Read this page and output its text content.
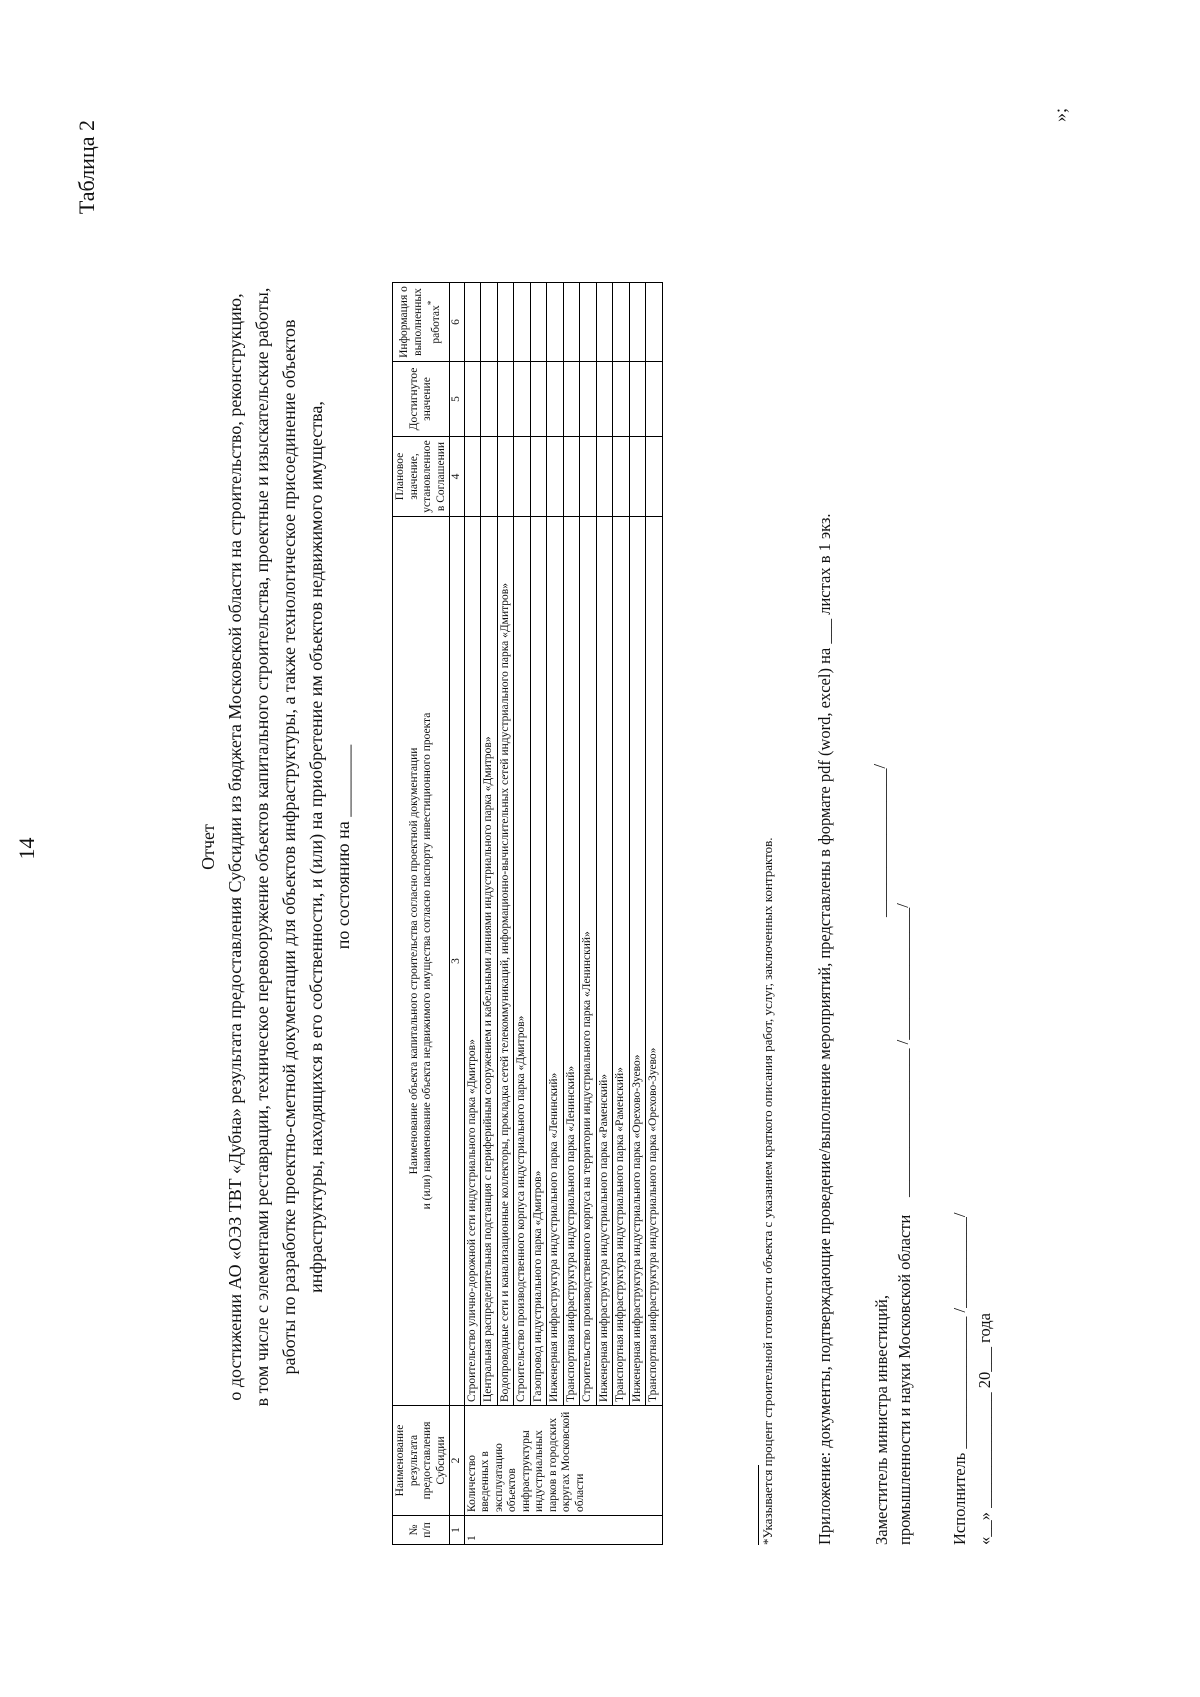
14
Таблица 2
Отчет о достижении АО «ОЭЗ ТВТ «Дубна» результата предоставления Субсидии из бюджета Московской области на строительство, реконструкцию, в том числе с элементами реставрации, техническое перевооружение объектов капитального строительства, проектные и изыскательские работы, работы по разработке проектно-сметной документации для объектов инфраструктуры, а также технологическое присоединение объектов инфраструктуры, находящихся в его собственности, и (или) на приобретение им объектов недвижимого имущества, по состоянию на ________
№ п/п	Наименование результата предоставления Субсидии	Наименование объекта капитального строительства согласно проектной документации и (или) наименование объекта недвижимого имущества согласно паспорту инвестиционного проекта	Плановое значение, установленное в Соглашении	Достигнутое значение	Информация о выполненных работах*
1	2	3	4	5	6
1	Количество введенных в эксплуатацию объектов инфраструктуры индустриальных парков в городских округах Московской области	Строительство улично-дорожной сети индустриального парка «Дмитров»			
		Центральная распределительная подстанция с периферийным сооружением и кабельными линиями индустриального парка «Дмитров»			
		Водопроводные сети и канализационные коллекторы, прокладка сетей телекоммуникаций, информационно-вычислительных сетей индустриального парка «Дмитров»			
		Строительство производственного корпуса индустриального парка «Дмитров»			
		Газопровод индустриального парка «Дмитров»			
		Инженерная инфраструктура индустриального парка «Ленинский»			
		Транспортная инфраструктура индустриального парка «Ленинский»			
		Строительство производственного корпуса на территории индустриального парка «Ленинский»			
		Инженерная инфраструктура индустриального парка «Раменский»			
		Транспортная инфраструктура индустриального парка «Раменский»			
		Инженерная инфраструктура индустриального парка «Орехово-Зуево»			
		Транспортная инфраструктура индустриального парка «Орехово-Зуево»				*Указывается процент строительной готовности объекта с указанием краткого описания работ, услуг, заключенных контрактов. Приложение: документы, подтверждающие проведение/выполнение мероприятий, представлены в формате pdf (word, excel) на ___ листах в 1 экз. Заместитель министра инвестиций, промышленности и науки Московской области
__________________ /________________/
__________________/
Исполнитель ________________ /___________/ «__» ______________ 20___ года
»;
